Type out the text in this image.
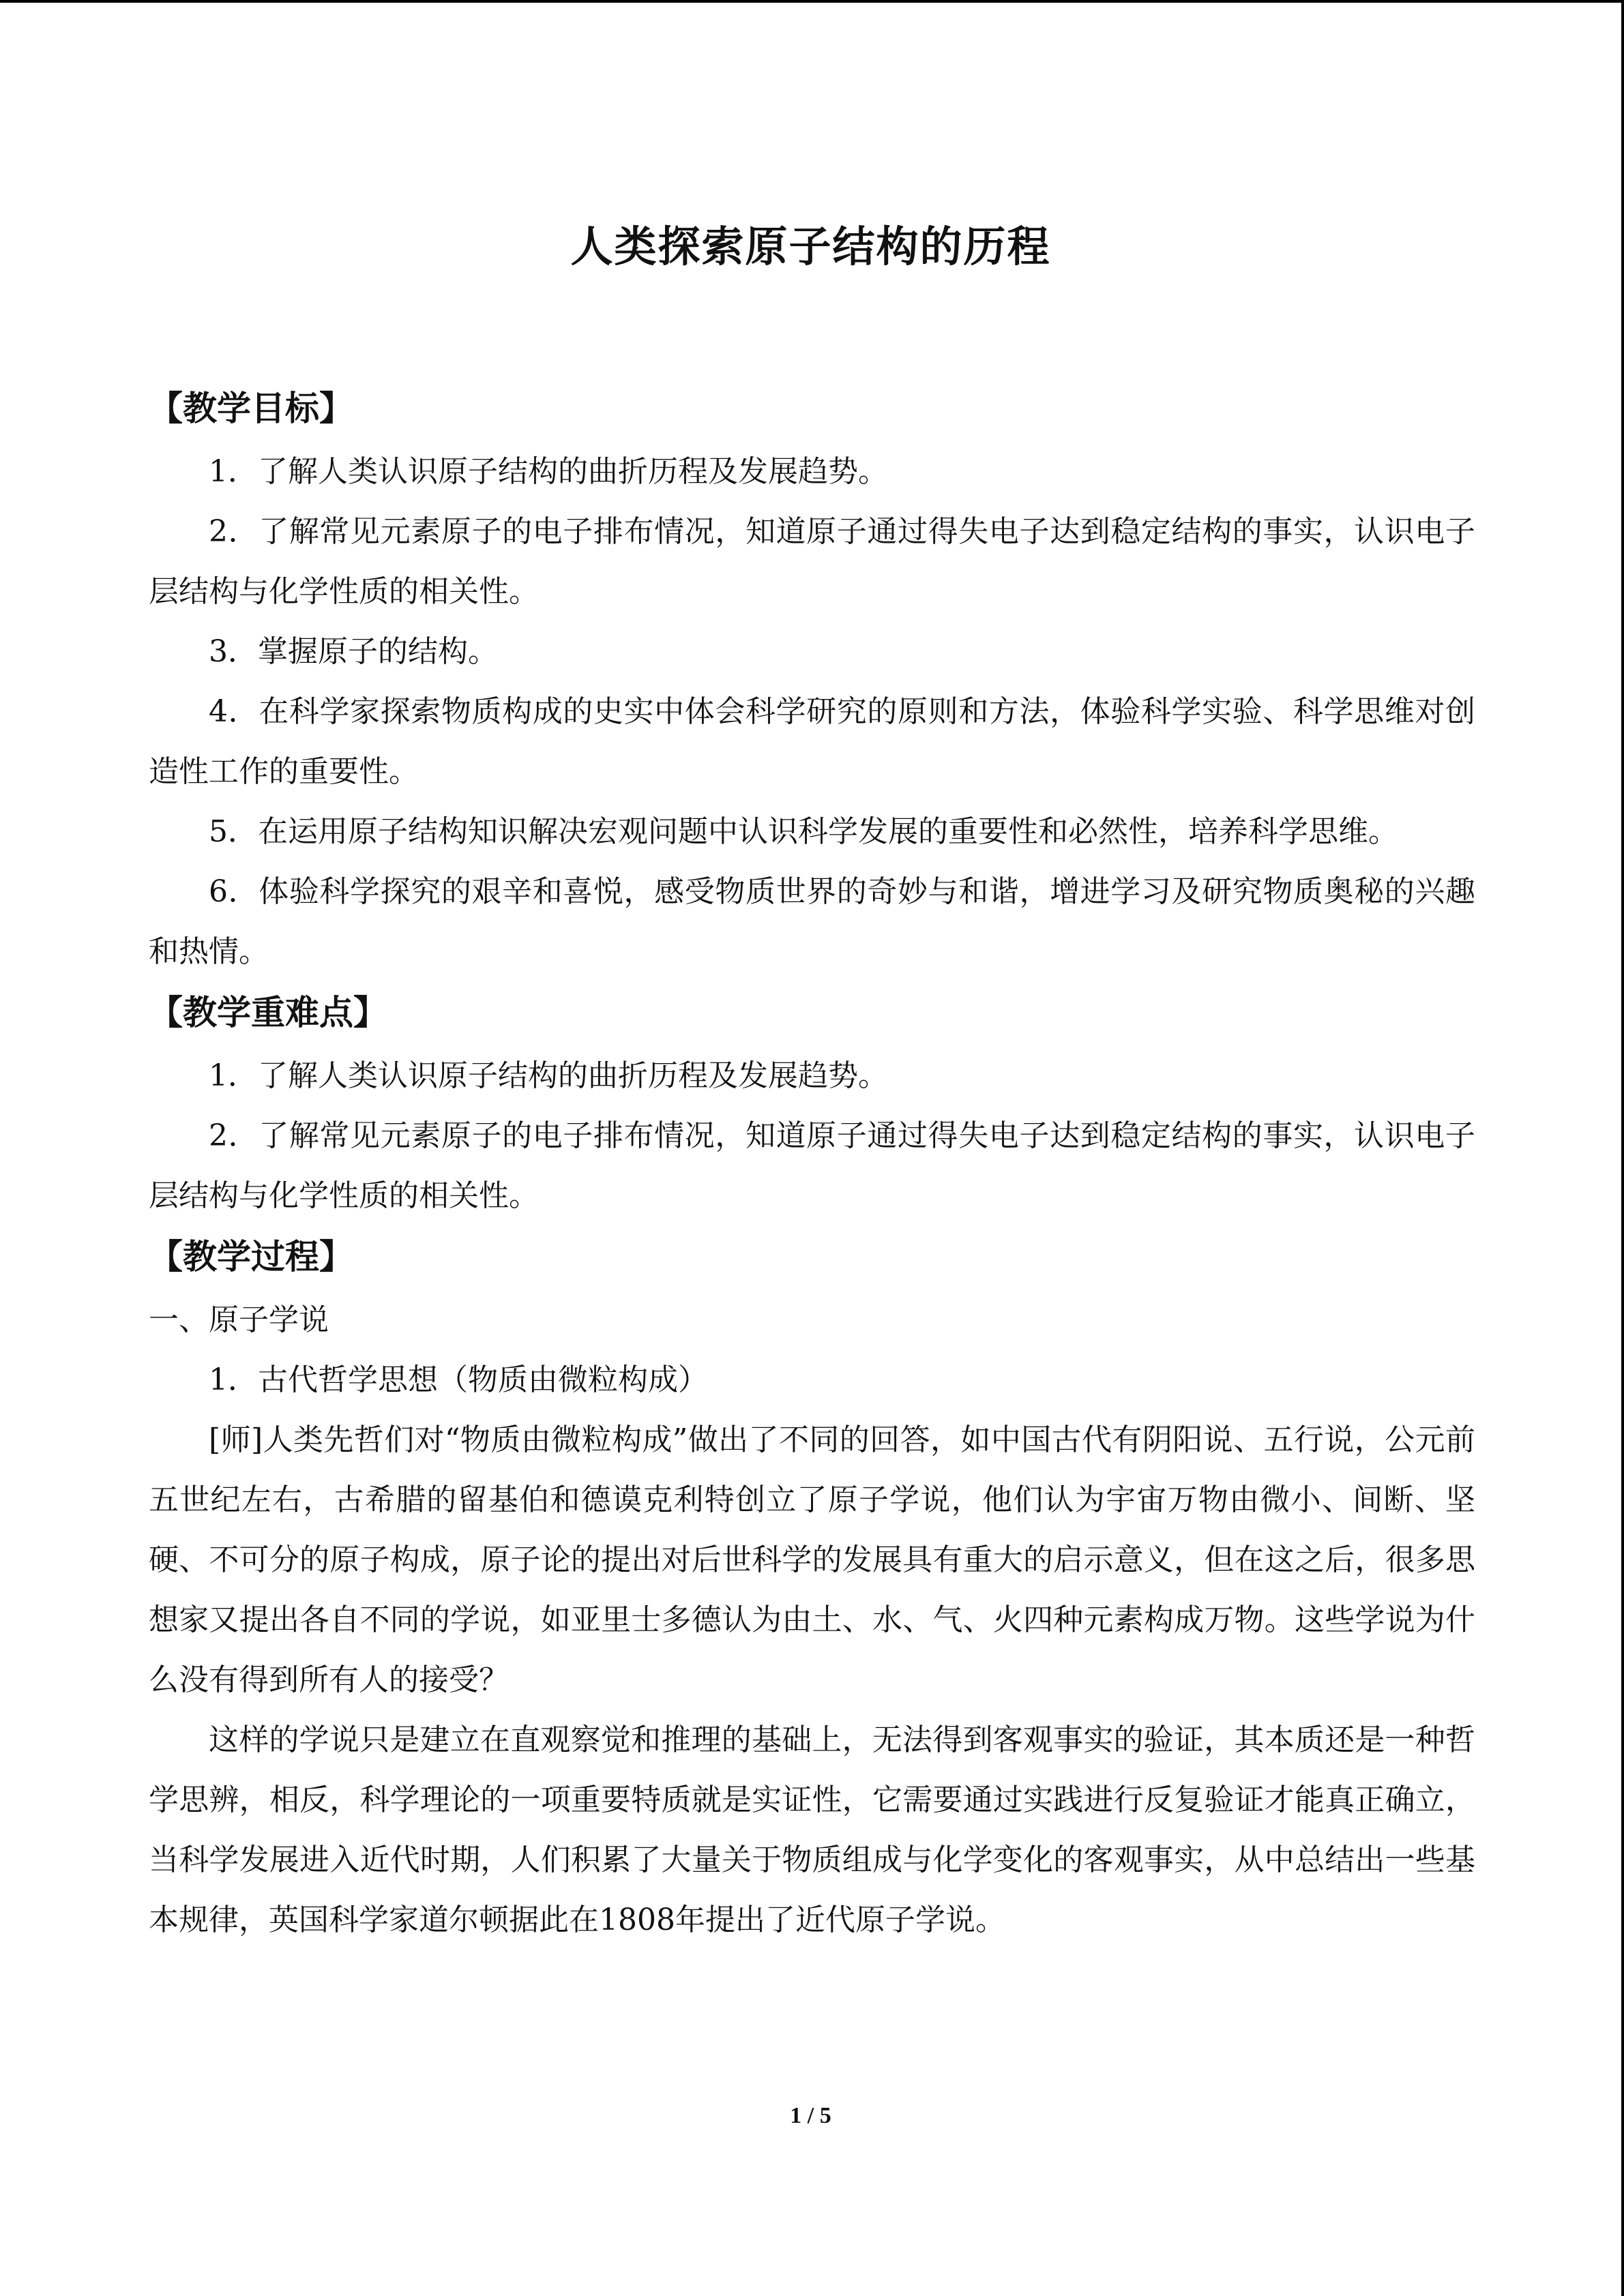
人类探索原子结构的历程

【教学目标】

1．了解人类认识原子结构的曲折历程及发展趋势。

2．了解常见元素原子的电子排布情况，知道原子通过得失电子达到稳定结构的事实，认识电子层结构与化学性质的相关性。

3．掌握原子的结构。

4．在科学家探索物质构成的史实中体会科学研究的原则和方法，体验科学实验、科学思维对创造性工作的重要性。

5．在运用原子结构知识解决宏观问题中认识科学发展的重要性和必然性，培养科学思维。

6．体验科学探究的艰辛和喜悦，感受物质世界的奇妙与和谐，增进学习及研究物质奥秘的兴趣和热情。

【教学重难点】

1．了解人类认识原子结构的曲折历程及发展趋势。

2．了解常见元素原子的电子排布情况，知道原子通过得失电子达到稳定结构的事实，认识电子层结构与化学性质的相关性。

【教学过程】

一、原子学说

1．古代哲学思想（物质由微粒构成）

[师]人类先哲们对“物质由微粒构成”做出了不同的回答，如中国古代有阴阳说、五行说，公元前五世纪左右，古希腊的留基伯和德谟克利特创立了原子学说，他们认为宇宙万物由微小、间断、坚硬、不可分的原子构成，原子论的提出对后世科学的发展具有重大的启示意义，但在这之后，很多思想家又提出各自不同的学说，如亚里士多德认为由土、水、气、火四种元素构成万物。这些学说为什么没有得到所有人的接受？

这样的学说只是建立在直观察觉和推理的基础上，无法得到客观事实的验证，其本质还是一种哲学思辨，相反，科学理论的一项重要特质就是实证性，它需要通过实践进行反复验证才能真正确立，当科学发展进入近代时期，人们积累了大量关于物质组成与化学变化的客观事实，从中总结出一些基本规律，英国科学家道尔顿据此在1808年提出了近代原子学说。

1 / 5
